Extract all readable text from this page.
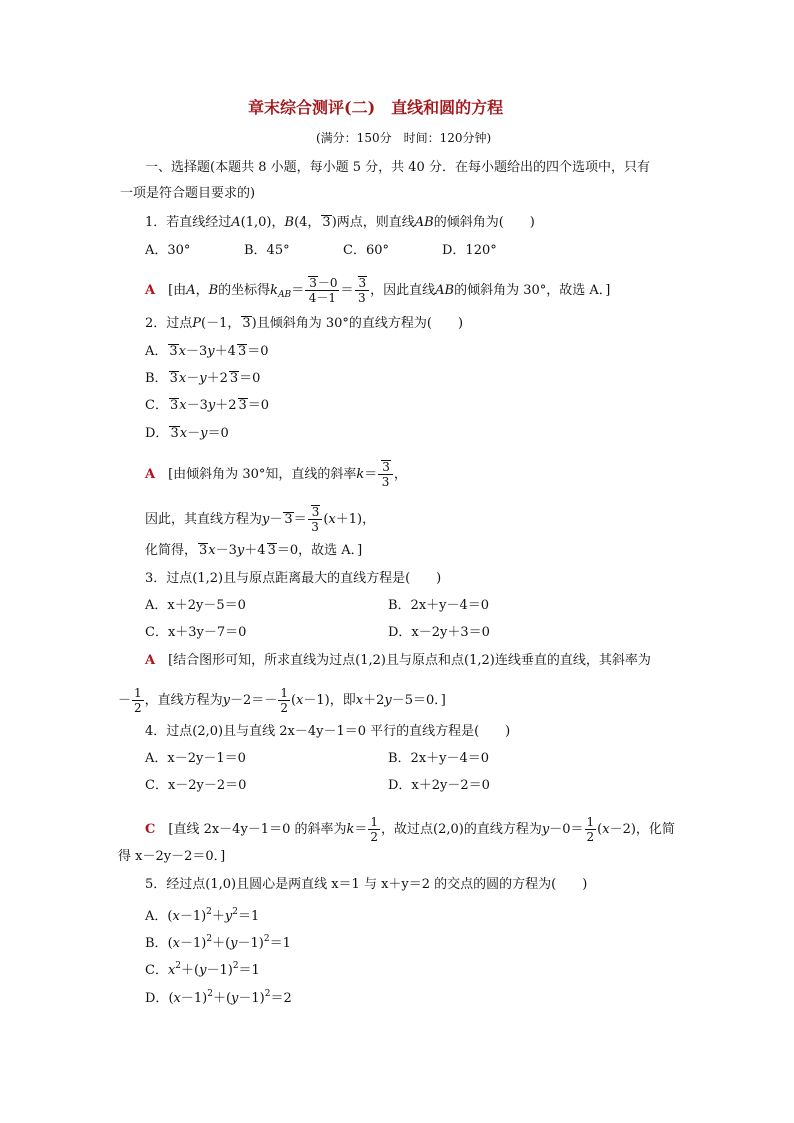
章末综合测评(二)　直线和圆的方程
(满分：150分　时间：120分钟)
一、选择题(本题共 8 小题，每小题 5 分，共 40 分．在每小题给出的四个选项中，只有
一项是符合题目要求的)
1．若直线经过A(1,0)，B(4， 3)两点，则直线AB的倾斜角为(　　)
A．30°	B．45°	C．60°	D．120°
A　 [由A，B的坐标得$k_{AB}= \frac{3-0}{4-1} = \frac{3}{3}$ ，因此直线AB的倾斜角为 30°，故选 A．]
2．过点P(－1， 3)且倾斜角为 30°的直线方程为(　　)
A． 3x－3y＋4 3＝0
B． 3x－y＋2 3＝0
C． 3x－3y＋2 3＝0
D． 3x－y＝0
A　 [由倾斜角为 30°知，直线的斜率$k= \frac{3}{3}$ ，
因此，其直线方程为$y- 3= \frac{3}{3} (x+1)$，
化简得， 3x－3y＋4 3＝0，故选 A．]
3．过点(1,2)且与原点距离最大的直线方程是(　　)
A．x＋2y－5＝0	B．2x＋y－4＝0
C．x＋3y－7＝0	D．x－2y＋3＝0
A　 [结合图形可知，所求直线为过点(1,2)且与原点和点(1,2)连线垂直的直线，其斜率为
－ $\frac{1}{2}$ ，直线方程为$y-2=- \frac{1}{2} (x-1)$，即x＋2y－5＝0．]
4．过点(2,0)且与直线 2x－4y－1＝0 平行的直线方程是(　　)
A．x－2y－1＝0	B．2x＋y－4＝0
C．x－2y－2＝0	D．x＋2y－2＝0
C　 [直线 2x－4y－1＝0 的斜率为$k= \frac{1}{2}$ ，故过点(2,0)的直线方程为$y-0= \frac{1}{2} (x-2)$，化简
得 x－2y－2＝0．]
5．经过点(1,0)且圆心是两直线 x＝1 与 x＋y＝2 的交点的圆的方程为(　　)
A．$(x-1)^2+y^2=1$
B．$(x-1)^2+(y-1)^2=1$
C．$x^2+(y-1)^2=1$
D．$(x-1)^2+(y-1)^2=2$
